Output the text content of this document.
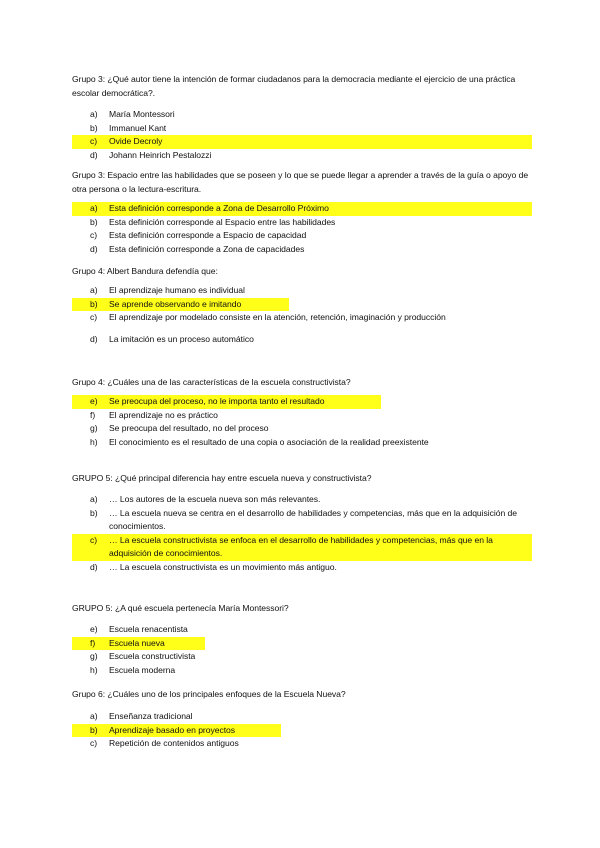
Grupo 3: ¿Qué autor tiene la intención de formar ciudadanos para la democracia mediante el ejercicio de una práctica escolar democrática?.

a) María Montessori
b) Immanuel Kant
c) Ovide Decroly
d) Johann Heinrich Pestalozzi

Grupo 3: Espacio entre las habilidades que se poseen y lo que se puede llegar a aprender a través de la guía o apoyo de otra persona o la lectura-escritura.

a) Esta definición corresponde a Zona de Desarrollo Próximo
b) Esta definición corresponde al Espacio entre las habilidades
c) Esta definición corresponde a Espacio de capacidad
d) Esta definición corresponde a Zona de capacidades

Grupo 4: Albert Bandura defendía que:

a) El aprendizaje humano es individual
b) Se aprende observando e imitando
c) El aprendizaje por modelado consiste en la atención, retención, imaginación y producción
d) La imitación es un proceso automático

Grupo 4: ¿Cuáles una de las características de la escuela constructivista?

e) Se preocupa del proceso, no le importa tanto el resultado
f) El aprendizaje no es práctico
g) Se preocupa del resultado, no del proceso
h) El conocimiento es el resultado de una copia o asociación de la realidad preexistente

GRUPO 5: ¿Qué principal diferencia hay entre escuela nueva y constructivista?

a) … Los autores de la escuela nueva son más relevantes.
b) … La escuela nueva se centra en el desarrollo de habilidades y competencias, más que en la adquisición de conocimientos.
c) … La escuela constructivista se enfoca en el desarrollo de habilidades y competencias, más que en la adquisición de conocimientos.
d) … La escuela constructivista es un movimiento más antiguo.

GRUPO 5: ¿A qué escuela pertenecía María Montessori?

e) Escuela renacentista
f) Escuela nueva
g) Escuela constructivista
h) Escuela moderna

Grupo 6: ¿Cuáles uno de los principales enfoques de la Escuela Nueva?

a) Enseñanza tradicional
b) Aprendizaje basado en proyectos
c) Repetición de contenidos antiguos
